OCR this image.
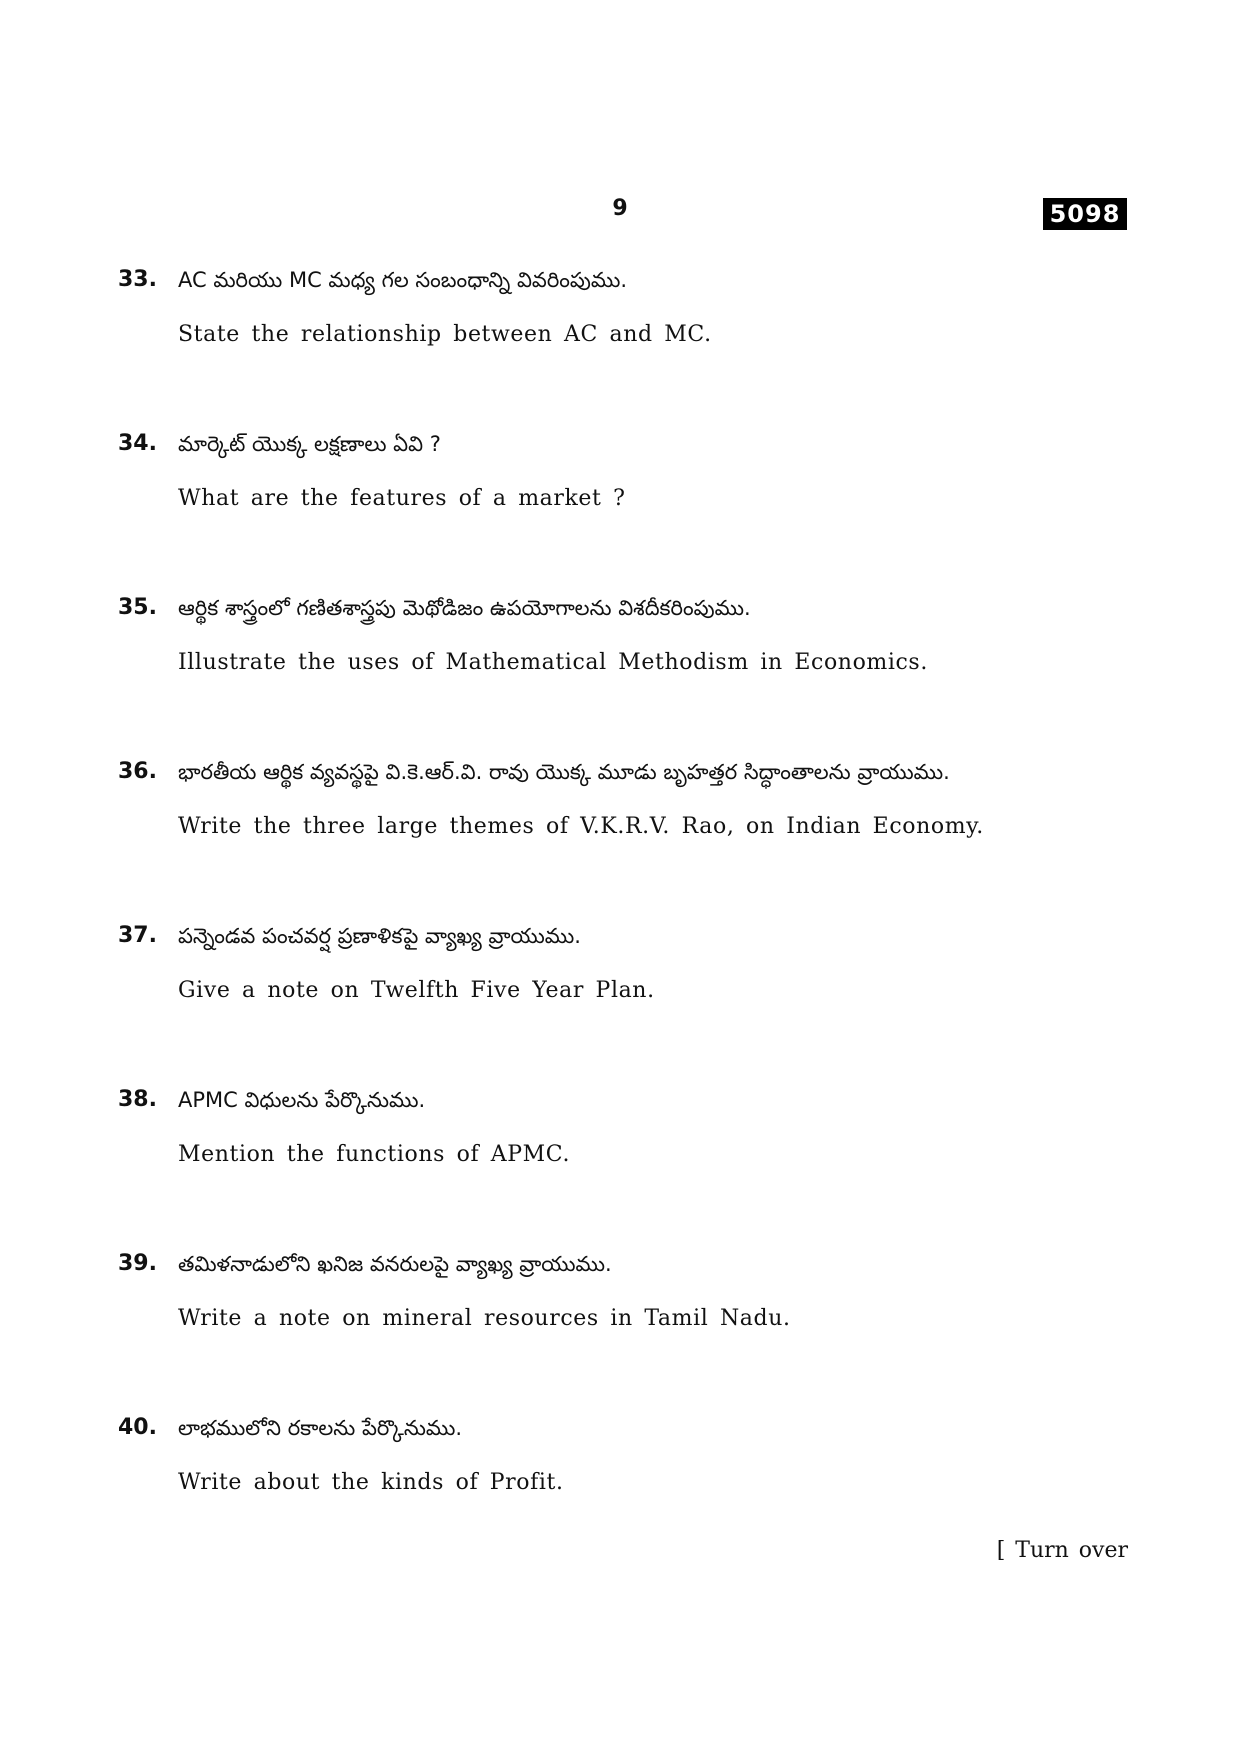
9	5098
33. AC మరియు MC మధ్య గల సంబంధాన్ని వివరింపుము.
State the relationship between AC and MC.
34. మార్కెట్ యొక్క లక్షణాలు ఏవి ?
What are the features of a market ?
35. ఆర్థిక శాస్త్రంలో గణితశాస్త్రపు మెథోడిజం ఉపయోగాలను విశదీకరింపుము.
Illustrate the uses of Mathematical Methodism in Economics.
36. భారతీయ ఆర్థిక వ్యవస్థపై వి.కె.ఆర్.వి. రావు యొక్క మూడు బృహత్తర సిద్ధాంతాలను వ్రాయుము.
Write the three large themes of V.K.R.V. Rao, on Indian Economy.
37. పన్నెండవ పంచవర్ష ప్రణాళికపై వ్యాఖ్య వ్రాయుము.
Give a note on Twelfth Five Year Plan.
38. APMC విధులను పేర్కొనుము.
Mention the functions of APMC.
39. తమిళనాడులోని ఖనిజ వనరులపై వ్యాఖ్య వ్రాయుము.
Write a note on mineral resources in Tamil Nadu.
40. లాభములోని రకాలను పేర్కొనుము.
Write about the kinds of Profit.
[ Turn over
